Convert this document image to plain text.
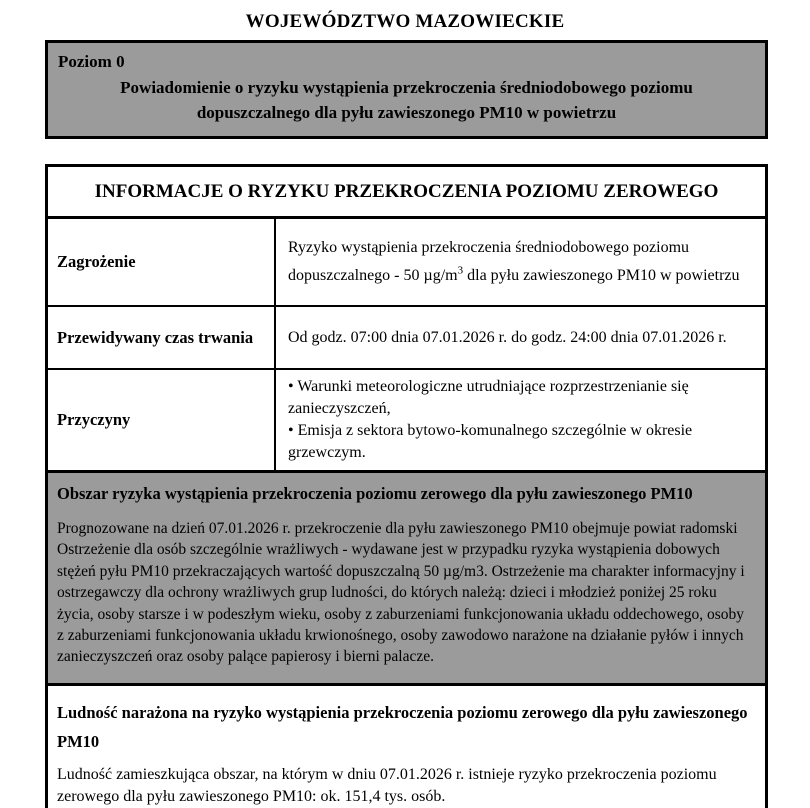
WOJEWÓDZTWO MAZOWIECKIE
Poziom 0
Powiadomienie o ryzyku wystąpienia przekroczenia średniodobowego poziomu dopuszczalnego dla pyłu zawieszonego PM10 w powietrzu
INFORMACJE O RYZYKU PRZEKROCZENIA POZIOMU ZEROWEGO
Zagrożenie
Ryzyko wystąpienia przekroczenia średniodobowego poziomu dopuszczalnego - 50 $\mu g/m^3$ dla pyłu zawieszonego PM10 w powietrzu
Przewidywany czas trwania	Od godz. 07:00 dnia 07.01.2026 r. do godz. 24:00 dnia 07.01.2026 r.
Przyczyny
• Warunki meteorologiczne utrudniające rozprzestrzenianie się zanieczyszczeń,
• Emisja z sektora bytowo-komunalnego szczególnie w okresie grzewczym.
Obszar ryzyka wystąpienia przekroczenia poziomu zerowego dla pyłu zawieszonego PM10
Prognozowane na dzień 07.01.2026 r. przekroczenie dla pyłu zawieszonego PM10 obejmuje powiat radomski Ostrzeżenie dla osób szczególnie wrażliwych - wydawane jest w przypadku ryzyka wystąpienia dobowych stężeń pyłu PM10 przekraczających wartość dopuszczalną 50 µg/m3. Ostrzeżenie ma charakter informacyjny i ostrzegawczy dla ochrony wrażliwych grup ludności, do których należą: dzieci i młodzież poniżej 25 roku życia, osoby starsze i w podeszłym wieku, osoby z zaburzeniami funkcjonowania układu oddechowego, osoby z zaburzeniami funkcjonowania układu krwionośnego, osoby zawodowo narażone na działanie pyłów i innych zanieczyszczeń oraz osoby palące papierosy i bierni palacze.
Ludność narażona na ryzyko wystąpienia przekroczenia poziomu zerowego dla pyłu zawieszonego PM10
Ludność zamieszkująca obszar, na którym w dniu 07.01.2026 r. istnieje ryzyko przekroczenia poziomu zerowego dla pyłu zawieszonego PM10: ok. 151,4 tys. osób.
